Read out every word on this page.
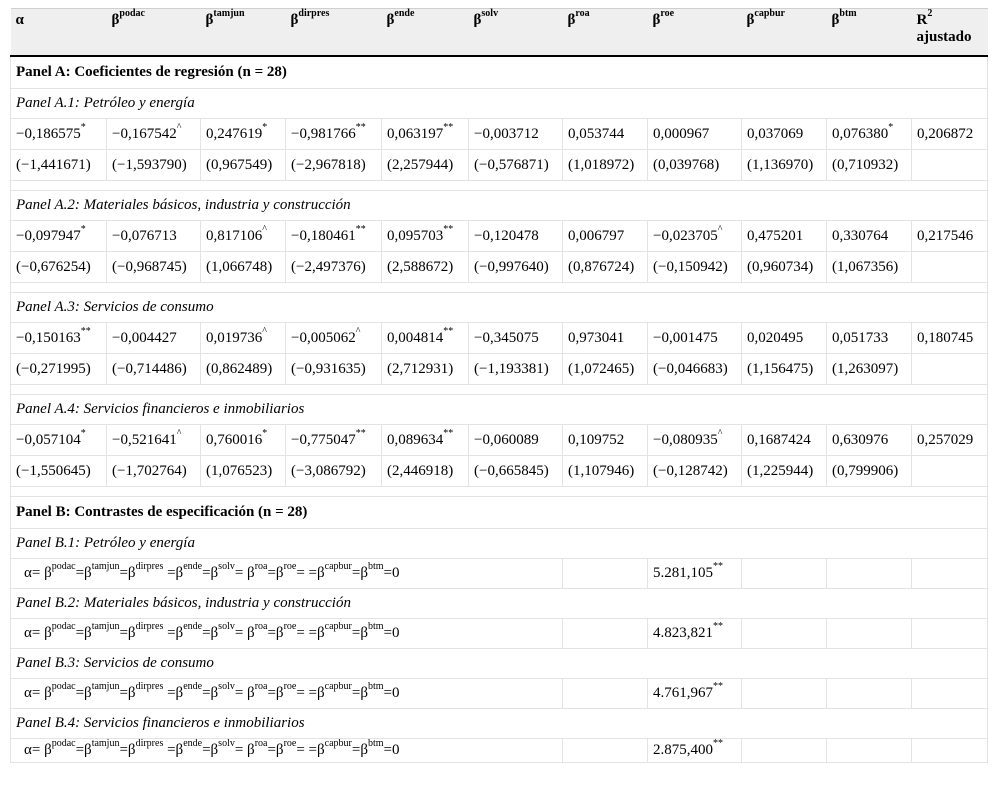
α	$\beta^{podac}$	$\beta^{tamjun}$	$\beta^{dirpres}$	$\beta^{ende}$	$\beta^{solv}$	$\beta^{roa}$	$\beta^{roe}$	$\beta^{capbur}$	$\beta^{btm}$	$R^2$
ajustado
Panel A: Coeficientes de regresión (n = 28)										
Panel A.1: Petróleo y energía										
−0,186575*	−0,167542^	0,247619*	−0,981766**	0,063197**	−0,003712	0,053744	0,000967	0,037069	0,076380*	0,206872
(−1,441671)	(−1,593790)	(0,967549)	(−2,967818)	(2,257944)	(−0,576871)	(1,018972)	(0,039768)	(1,136970)	(0,710932)	

Panel A.2: Materiales básicos, industria y construcción										
−0,097947*	−0,076713	0,817106^	−0,180461**	0,095703**	−0,120478	0,006797	−0,023705^	0,475201	0,330764	0,217546
(−0,676254)	(−0,968745)	(1,066748)	(−2,497376)	(2,588672)	(−0,997640)	(0,876724)	(−0,150942)	(0,960734)	(1,067356)	

Panel A.3: Servicios de consumo										
−0,150163**	−0,004427	0,019736^	−0,005062^	0,004814**	−0,345075	0,973041	−0,001475	0,020495	0,051733	0,180745
(−0,271995)	(−0,714486)	(0,862489)	(−0,931635)	(2,712931)	(−1,193381)	(1,072465)	(−0,046683)	(1,156475)	(1,263097)	

Panel A.4: Servicios financieros e inmobiliarios										
−0,057104*	−0,521641^	0,760016*	−0,775047**	0,089634**	−0,060089	0,109752	−0,080935^	0,1687424	0,630976	0,257029
(−1,550645)	(−1,702764)	(1,076523)	(−3,086792)	(2,446918)	(−0,665845)	(1,107946)	(−0,128742)	(1,225944)	(0,799906)	

Panel B: Contrastes de especificación (n = 28)										
Panel B.1: Petróleo y energía										
$\alpha= \beta^{podac}=\beta^{tamjun}=\beta^{dirpres} =\beta^{ende}=\beta^{solv}= \beta^{roa}=\beta^{roe}= =\beta^{capbur}=\beta^{btm}=0$							5.281,105**			
Panel B.2: Materiales básicos, industria y construcción										
$\alpha= \beta^{podac}=\beta^{tamjun}=\beta^{dirpres} =\beta^{ende}=\beta^{solv}= \beta^{roa}=\beta^{roe}= =\beta^{capbur}=\beta^{btm}=0$							4.823,821**			
Panel B.3: Servicios de consumo										
$\alpha= \beta^{podac}=\beta^{tamjun}=\beta^{dirpres} =\beta^{ende}=\beta^{solv}= \beta^{roa}=\beta^{roe}= =\beta^{capbur}=\beta^{btm}=0$							4.761,967**			
Panel B.4: Servicios financieros e inmobiliarios										
$\alpha= \beta^{podac}=\beta^{tamjun}=\beta^{dirpres} =\beta^{ende}=\beta^{solv}= \beta^{roa}=\beta^{roe}= =\beta^{capbur}=\beta^{btm}=0$							2.875,400**			
